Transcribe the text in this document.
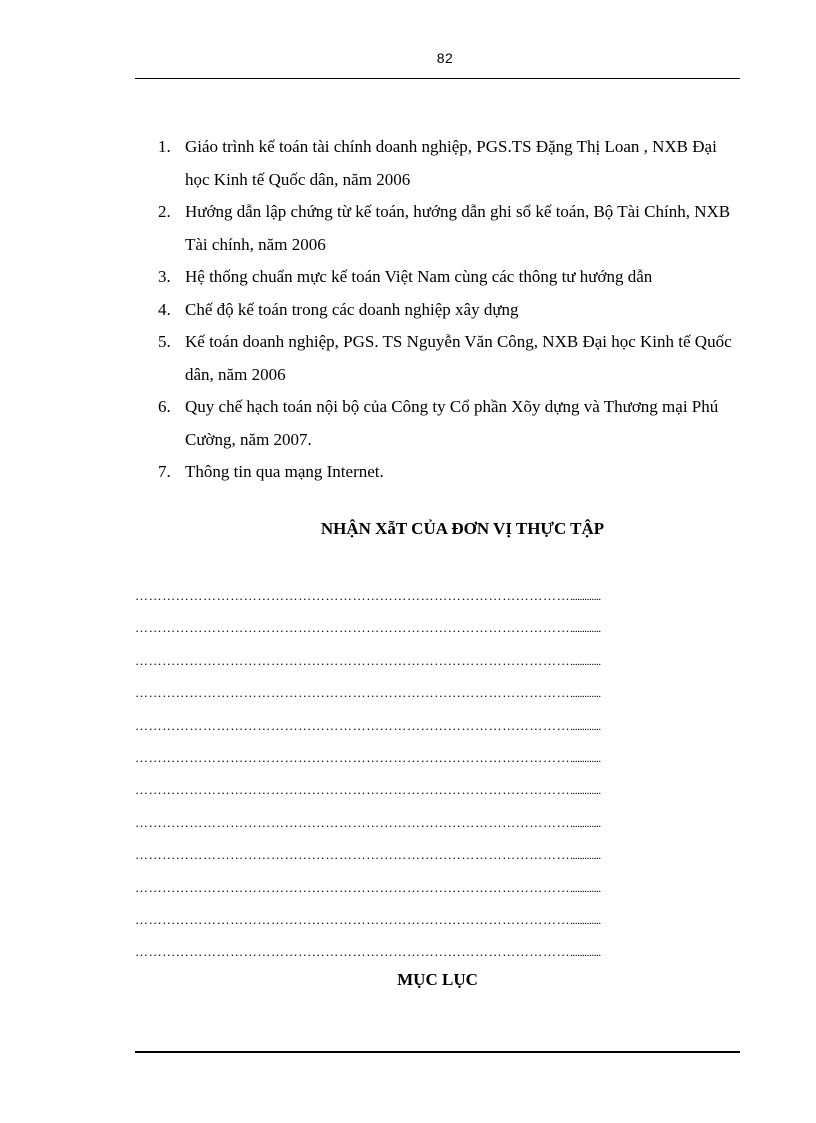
82
1. Giáo trình kế toán tài chính doanh nghiệp, PGS.TS Đặng Thị Loan , NXB Đại học Kinh tế Quốc dân, năm 2006
2. Hướng dẫn lập chứng từ kế toán, hướng dẫn ghi sổ kế toán, Bộ Tài Chính, NXB Tài chính, năm 2006
3. Hệ thống chuẩn mực kế toán Việt Nam cùng các thông tư hướng dẫn
4. Chế độ kế toán trong các doanh nghiệp xây dựng
5. Kế toán doanh nghiệp, PGS. TS Nguyễn Văn Công, NXB Đại học Kinh tế Quốc dân, năm 2006
6. Quy chế hạch toán nội bộ của Công ty Cổ phần Xõy dựng và Thương mại Phú Cường, năm 2007.
7. Thông tin qua mạng Internet.
NHẬN XẫT CỦA ĐƠN VỊ THỰC TẬP
…………………………………………………………………………………….............
…………………………………………………………………………………….............
…………………………………………………………………………………….............
…………………………………………………………………………………….............
…………………………………………………………………………………….............
…………………………………………………………………………………….............
…………………………………………………………………………………….............
…………………………………………………………………………………….............
…………………………………………………………………………………….............
…………………………………………………………………………………….............
…………………………………………………………………………………….............
…………………………………………………………………………………….............
MỤC LỤC
